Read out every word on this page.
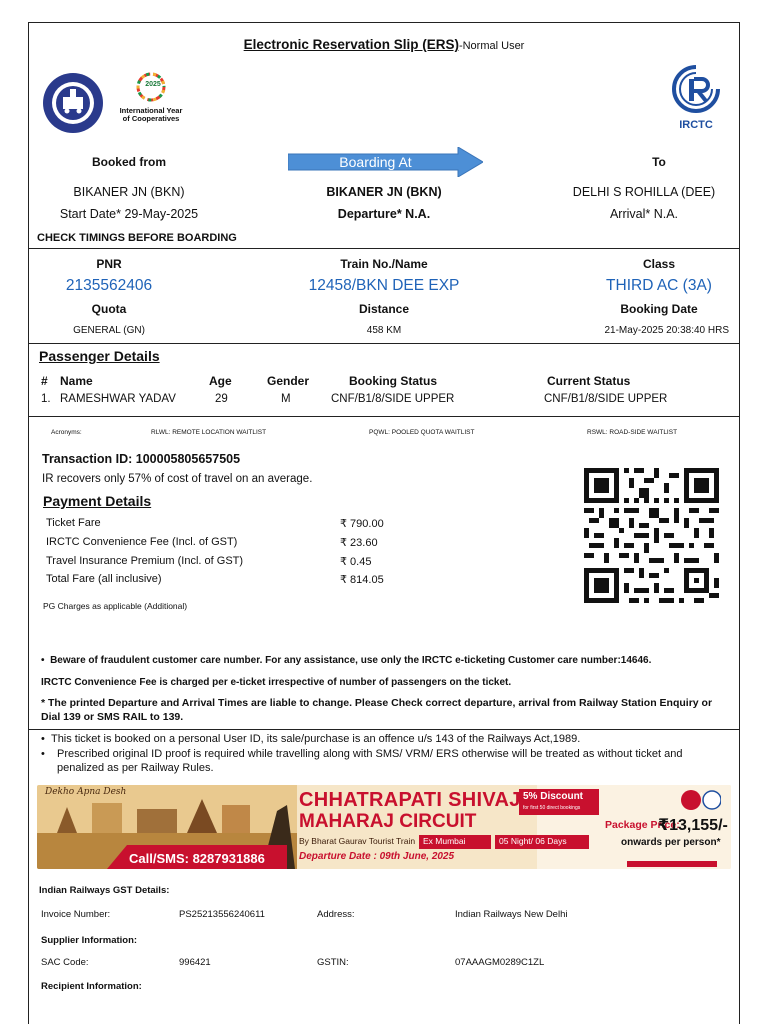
Electronic Reservation Slip (ERS)-Normal User
2025
International Year
of Cooperatives
IRCTC
Booked from	Boarding At	To
BIKANER JN (BKN)	BIKANER JN (BKN)	DELHI S ROHILLA (DEE)
Start Date* 29-May-2025	Departure* N.A.	Arrival* N.A.
CHECK TIMINGS BEFORE BOARDING
PNR	Train No./Name	Class
2135562406	12458/BKN DEE EXP	THIRD AC (3A)
Quota	Distance	Booking Date
GENERAL (GN)	458 KM	21-May-2025 20:38:40 HRS
Passenger Details
# Name	Age	Gender	Booking Status	Current Status
1. RAMESHWAR YADAV	29	M	CNF/B1/8/SIDE UPPER	CNF/B1/8/SIDE UPPER
Acronyms:	RLWL: REMOTE LOCATION WAITLIST	PQWL: POOLED QUOTA WAITLIST	RSWL: ROAD-SIDE WAITLIST
Transaction ID: 100005805657505
IR recovers only 57% of cost of travel on an average.
Payment Details
Ticket Fare	₹ 790.00
IRCTC Convenience Fee (Incl. of GST)	₹ 23.60
Travel Insurance Premium (Incl. of GST)	₹ 0.45
Total Fare (all inclusive)	₹ 814.05
PG Charges as applicable (Additional)
•  Beware of fraudulent customer care number. For any assistance, use only the IRCTC e-ticketing Customer care number:14646.
IRCTC Convenience Fee is charged per e-ticket irrespective of number of passengers on the ticket.
* The printed Departure and Arrival Times are liable to change. Please Check correct departure, arrival from Railway Station Enquiry or Dial 139 or SMS RAIL to 139.
•  This ticket is booked on a personal User ID, its sale/purchase is an offence u/s 143 of the Railways Act,1989.
•	Prescribed original ID proof is required while travelling along with SMS/ VRM/ ERS otherwise will be treated as without ticket and penalized as per Railway Rules.
Dekho Apna Desh	CHHATRAPATI SHIVAJI
MAHARAJ CIRCUIT
5% Discount
for first 50 direct bookings
By Bharat Gaurav Tourist Train Ex Mumbai	05 Night/ 06 Days
Departure Date : 09th June, 2025
Package Price:
₹13,155/-
onwards per person*
Call/SMS: 8287931886
Indian Railways GST Details:
Invoice Number:	PS25213556240611	Address:	Indian Railways New Delhi
Supplier Information:
SAC Code:	996421	GSTIN:	07AAAGM0289C1ZL
Recipient Information:
